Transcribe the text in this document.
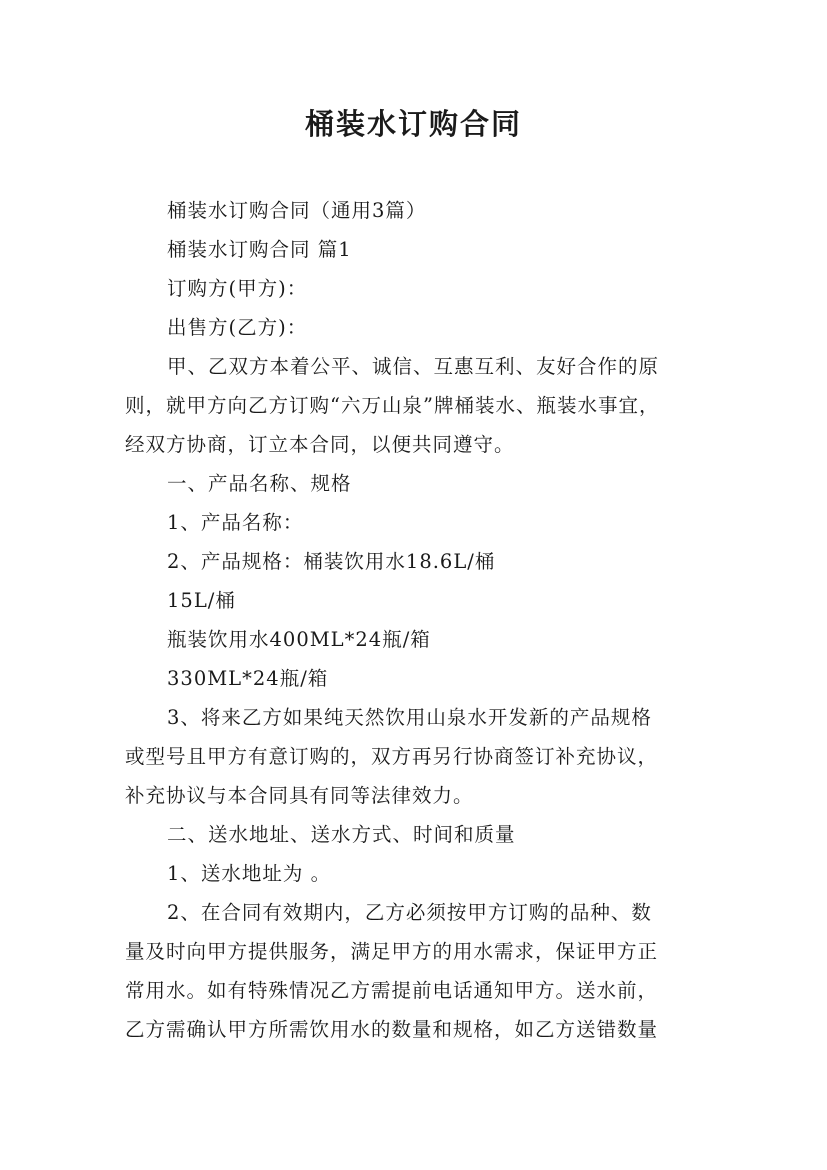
桶装水订购合同
桶装水订购合同（通用3篇）
桶装水订购合同 篇1
订购方(甲方)：
出售方(乙方)：
甲、乙双方本着公平、诚信、互惠互利、友好合作的原
则，就甲方向乙方订购“六万山泉”牌桶装水、瓶装水事宜，
经双方协商，订立本合同，以便共同遵守。
一、产品名称、规格
1、产品名称：
2、产品规格：桶装饮用水18.6L/桶
15L/桶
瓶装饮用水400ML*24瓶/箱
330ML*24瓶/箱
3、将来乙方如果纯天然饮用山泉水开发新的产品规格
或型号且甲方有意订购的，双方再另行协商签订补充协议，
补充协议与本合同具有同等法律效力。
二、送水地址、送水方式、时间和质量
1、送水地址为 。
2、在合同有效期内，乙方必须按甲方订购的品种、数
量及时向甲方提供服务，满足甲方的用水需求，保证甲方正
常用水。如有特殊情况乙方需提前电话通知甲方。送水前，
乙方需确认甲方所需饮用水的数量和规格，如乙方送错数量
